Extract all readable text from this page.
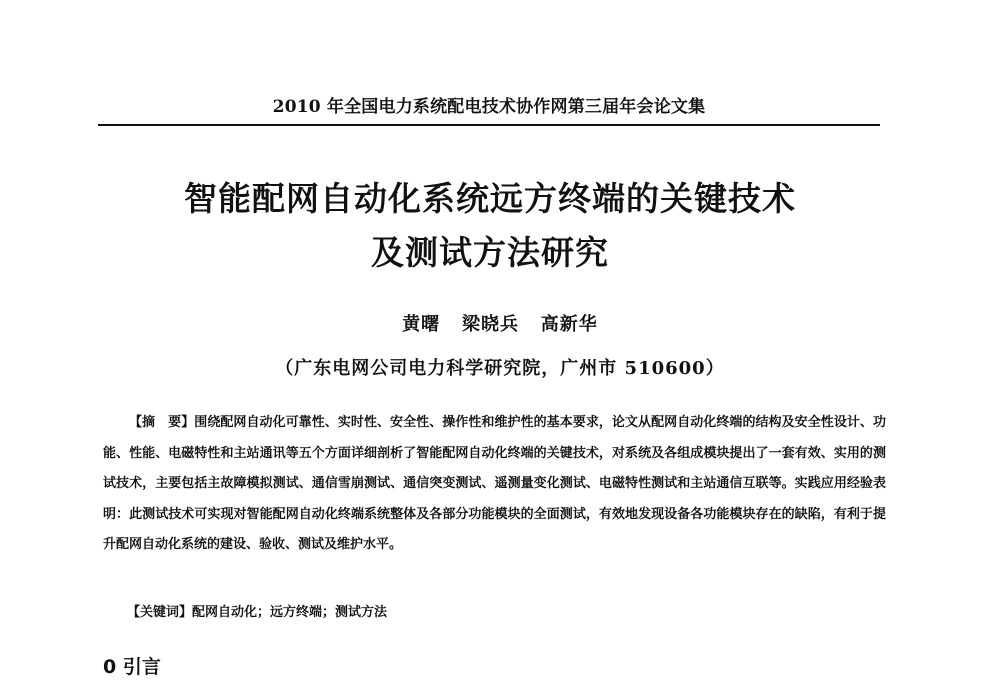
2010 年全国电力系统配电技术协作网第三届年会论文集
智能配网自动化系统远方终端的关键技术
及测试方法研究
黄曙   梁晓兵   高新华
（广东电网公司电力科学研究院，广州市 510600）
【摘　要】围绕配网自动化可靠性、实时性、安全性、操作性和维护性的基本要求，论文从配网自动化终端的结构及安全性设计、功能、性能、电磁特性和主站通讯等五个方面详细剖析了智能配网自动化终端的关键技术，对系统及各组成模块提出了一套有效、实用的测试技术，主要包括主故障模拟测试、通信雪崩测试、通信突变测试、遥测量变化测试、电磁特性测试和主站通信互联等。实践应用经验表明：此测试技术可实现对智能配网自动化终端系统整体及各部分功能模块的全面测试，有效地发现设备各功能模块存在的缺陷，有利于提升配网自动化系统的建设、验收、测试及维护水平。
【关键词】配网自动化；远方终端；测试方法
0 引言
